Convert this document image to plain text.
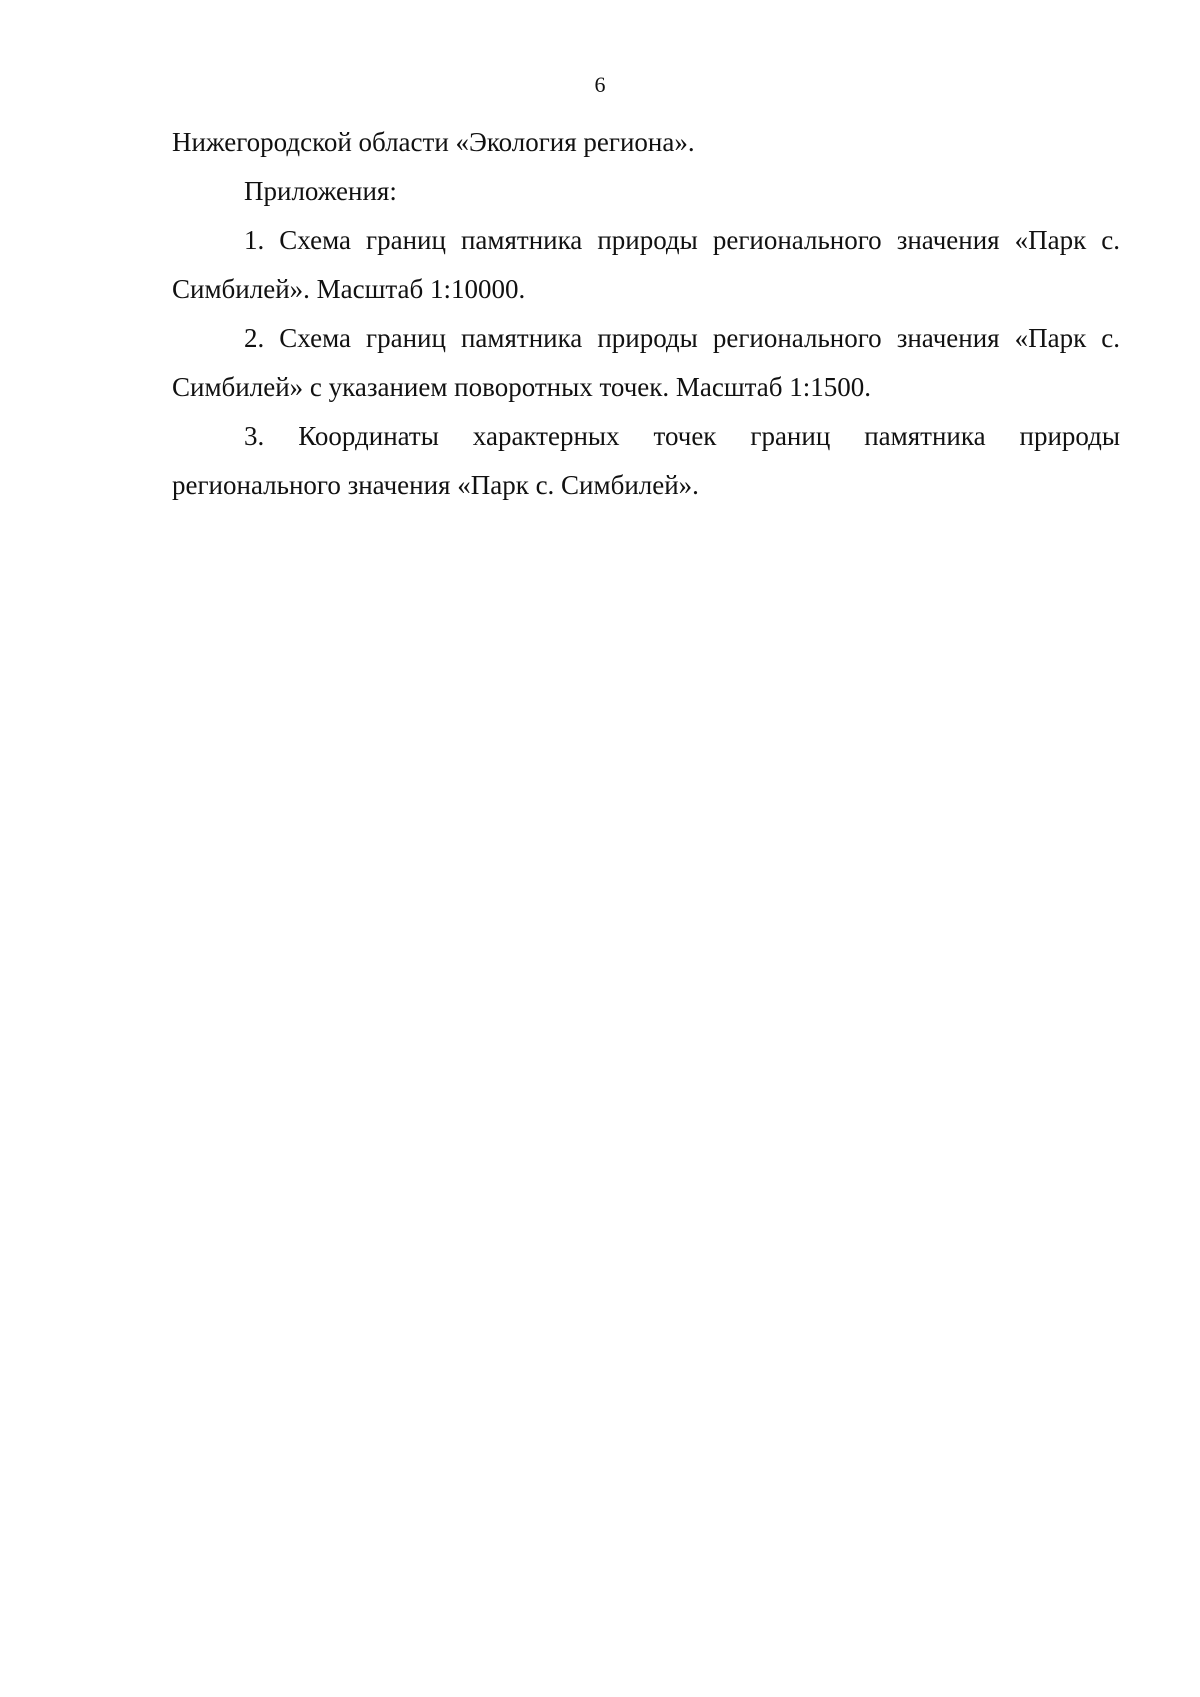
6

Нижегородской области «Экология региона».

Приложения:

1. Схема границ памятника природы регионального значения «Парк с. Симбилей». Масштаб 1:10000.

2. Схема границ памятника природы регионального значения «Парк с. Симбилей» с указанием поворотных точек. Масштаб 1:1500.

3. Координаты характерных точек границ памятника природы регионального значения «Парк с. Симбилей».
